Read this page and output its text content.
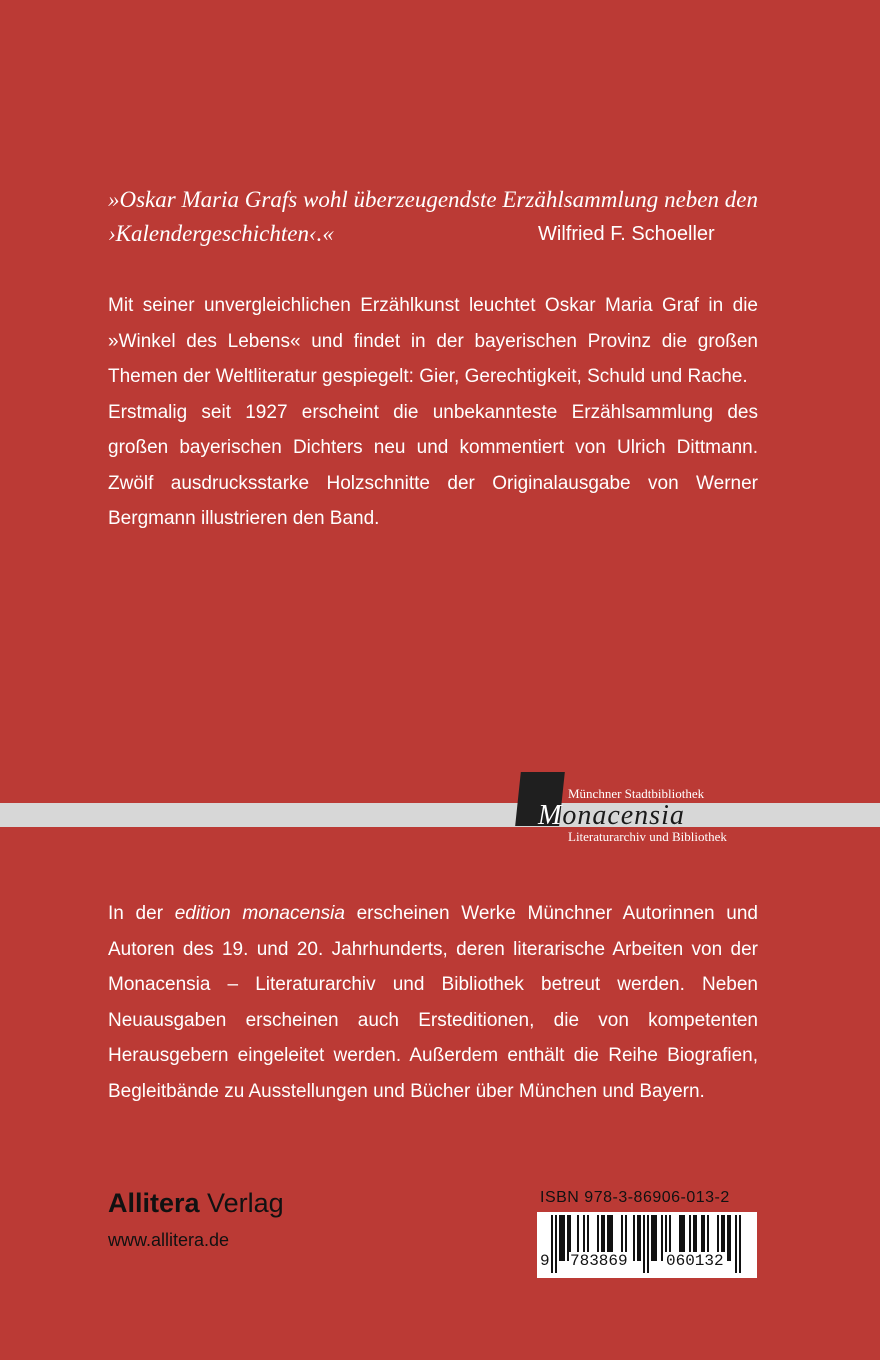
»Oskar Maria Grafs wohl überzeugendste Erzählsammlung neben den ›Kalendergeschichten‹.«	Wilfried F. Schoeller

Mit seiner unvergleichlichen Erzählkunst leuchtet Oskar Maria Graf in die »Winkel des Lebens« und findet in der bayerischen Provinz die großen Themen der Weltliteratur gespiegelt: Gier, Gerechtigkeit, Schuld und Rache.

Erstmalig seit 1927 erscheint die unbekannteste Erzählsammlung des großen bayerischen Dichters neu und kommentiert von Ulrich Dittmann. Zwölf ausdrucksstarke Holzschnitte der Originalausgabe von Werner Bergmann illustrieren den Band.

Münchner Stadtbibliothek
Monacensia
Literaturarchiv und Bibliothek
In der edition monacensia erscheinen Werke Münchner Autorinnen und Autoren des 19. und 20. Jahrhunderts, deren literarische Arbeiten von der Monacensia – Literaturarchiv und Bibliothek betreut werden. Neben Neuausgaben erscheinen auch Ersteditionen, die von kompetenten Herausgebern eingeleitet werden. Außerdem enthält die Reihe Biografien, Begleitbände zu Ausstellungen und Bücher über München und Bayern.
Allitera Verlag
www.allitera.de
ISBN 978-3-86906-013-2
9 783869 060132
